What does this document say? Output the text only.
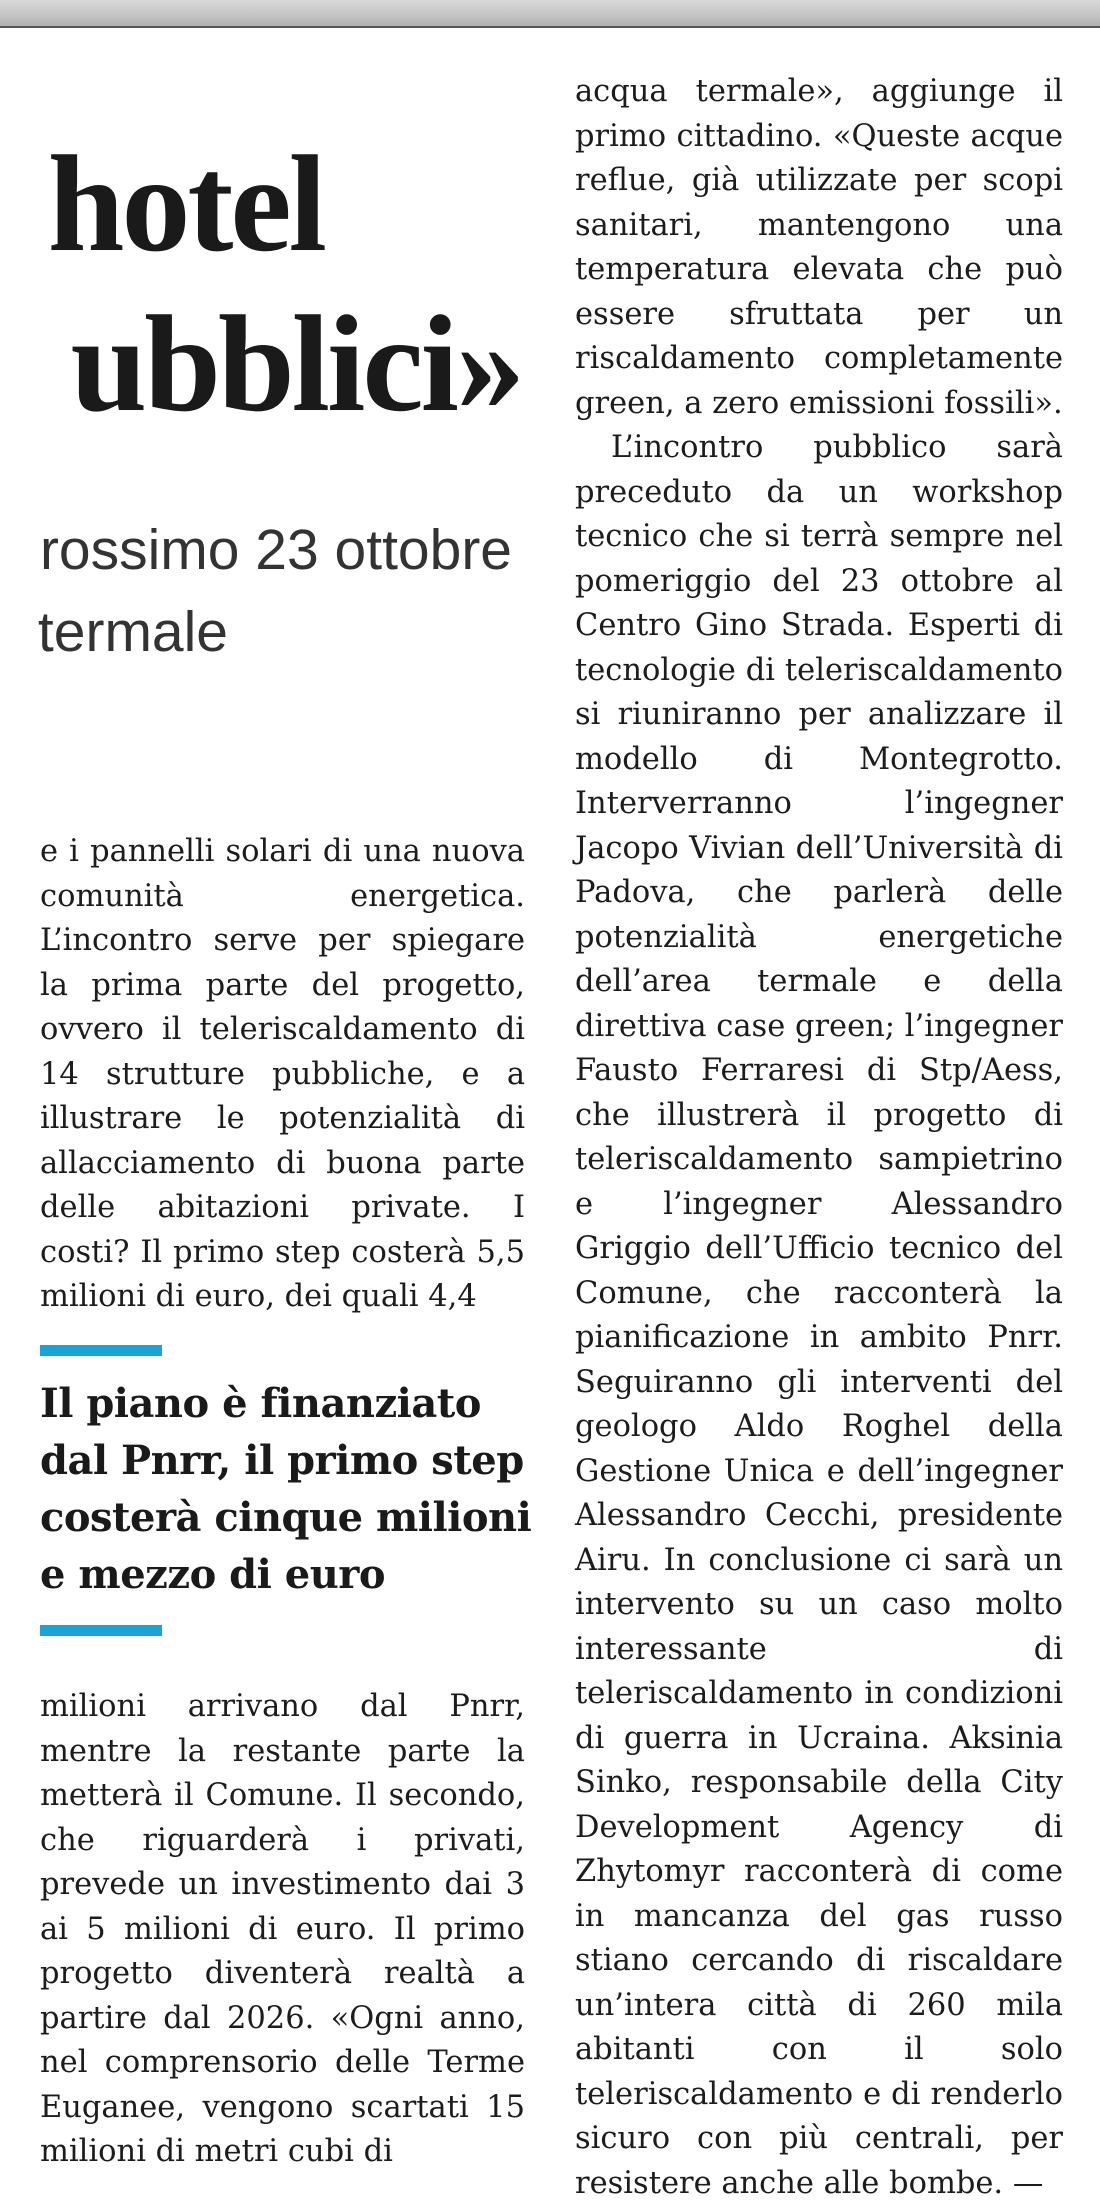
hotel
ubblici»
rossimo 23 ottobre
termale

e i pannelli solari di una nuova comunità energetica. L’incontro serve per spiegare la prima parte del progetto, ovvero il teleriscaldamento di 14 strutture pubbliche, e a illustrare le potenzialità di allacciamento di buona parte delle abitazioni private. I costi? Il primo step costerà 5,5 milioni di euro, dei quali 4,4

Il piano è finanziato
dal Pnrr, il primo step
costerà cinque milioni
e mezzo di euro

milioni arrivano dal Pnrr, mentre la restante parte la metterà il Comune. Il secondo, che riguarderà i privati, prevede un investimento dai 3 ai 5 milioni di euro. Il primo progetto diventerà realtà a partire dal 2026. «Ogni anno, nel comprensorio delle Terme Euganee, vengono scartati 15 milioni di metri cubi di

acqua termale», aggiunge il primo cittadino. «Queste acque reflue, già utilizzate per scopi sanitari, mantengono una temperatura elevata che può essere sfruttata per un riscaldamento completamente green, a zero emissioni fossili».

L’incontro pubblico sarà preceduto da un workshop tecnico che si terrà sempre nel pomeriggio del 23 ottobre al Centro Gino Strada. Esperti di tecnologie di teleriscaldamento si riuniranno per analizzare il modello di Montegrotto. Interverranno l’ingegner Jacopo Vivian dell’Università di Padova, che parlerà delle potenzialità energetiche dell’area termale e della direttiva case green; l’ingegner Fausto Ferraresi di Stp/Aess, che illustrerà il progetto di teleriscaldamento sampietrino e l’ingegner Alessandro Griggio dell’Ufficio tecnico del Comune, che racconterà la pianificazione in ambito Pnrr. Seguiranno gli interventi del geologo Aldo Roghel della Gestione Unica e dell’ingegner Alessandro Cecchi, presidente Airu. In conclusione ci sarà un intervento su un caso molto interessante di teleriscaldamento in condizioni di guerra in Ucraina. Aksinia Sinko, responsabile della City Development Agency di Zhytomyr racconterà di come in mancanza del gas russo stiano cercando di riscaldare un’intera città di 260 mila abitanti con il solo teleriscaldamento e di renderlo sicuro con più centrali, per resistere anche alle bombe. —
